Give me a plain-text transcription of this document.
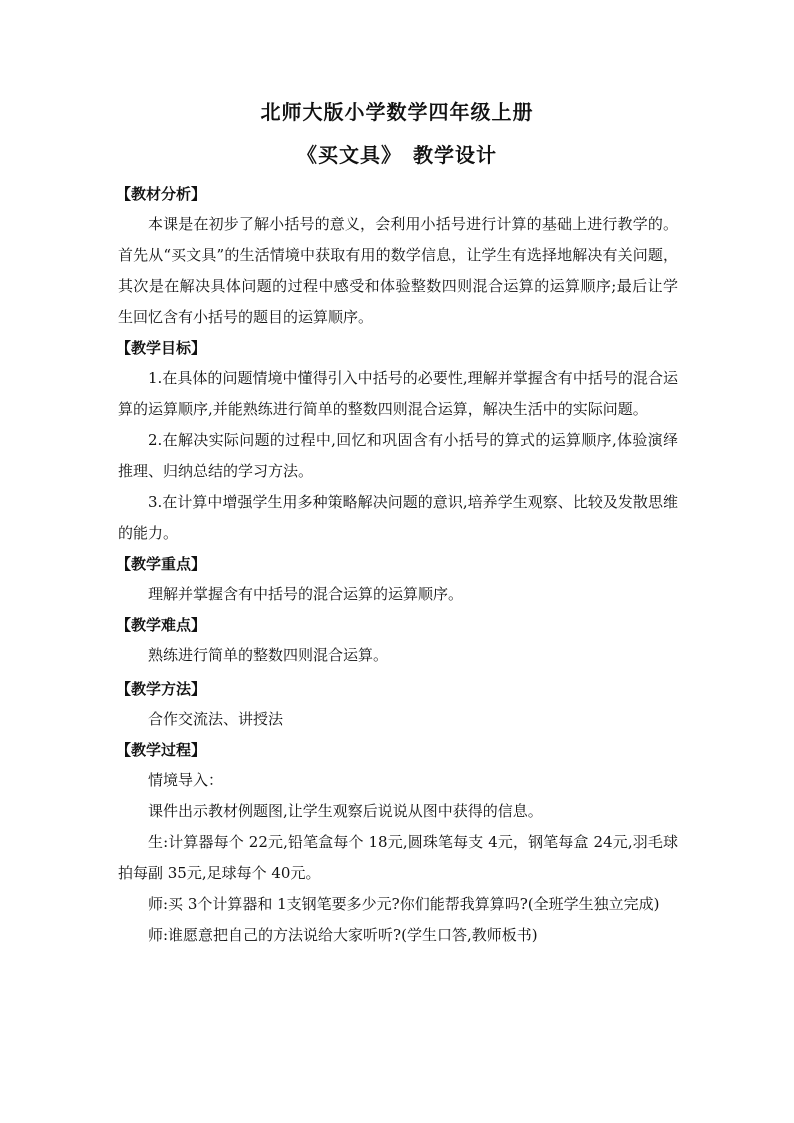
北师大版小学数学四年级上册
《买文具》　教学设计

【教材分析】

本课是在初步了解小括号的意义，会利用小括号进行计算的基础上进行教学的。首先从“买文具”的生活情境中获取有用的数学信息，让学生有选择地解决有关问题，其次是在解决具体问题的过程中感受和体验整数四则混合运算的运算顺序;最后让学生回忆含有小括号的题目的运算顺序。

【教学目标】

1.在具体的问题情境中懂得引入中括号的必要性,理解并掌握含有中括号的混合运算的运算顺序,并能熟练进行简单的整数四则混合运算，解决生活中的实际问题。

2.在解决实际问题的过程中,回忆和巩固含有小括号的算式的运算顺序,体验演绎推理、归纳总结的学习方法。

3.在计算中增强学生用多种策略解决问题的意识,培养学生观察、比较及发散思维的能力。

【教学重点】

理解并掌握含有中括号的混合运算的运算顺序。

【教学难点】

熟练进行简单的整数四则混合运算。

【教学方法】

合作交流法、讲授法

【教学过程】

情境导入：

课件出示教材例题图,让学生观察后说说从图中获得的信息。

生:计算器每个 22元,铅笔盒每个 18元,圆珠笔每支 4元，钢笔每盒 24元,羽毛球拍每副 35元,足球每个 40元。

师:买 3个计算器和 1支钢笔要多少元?你们能帮我算算吗?(全班学生独立完成)

师:谁愿意把自己的方法说给大家听听?(学生口答,教师板书)
